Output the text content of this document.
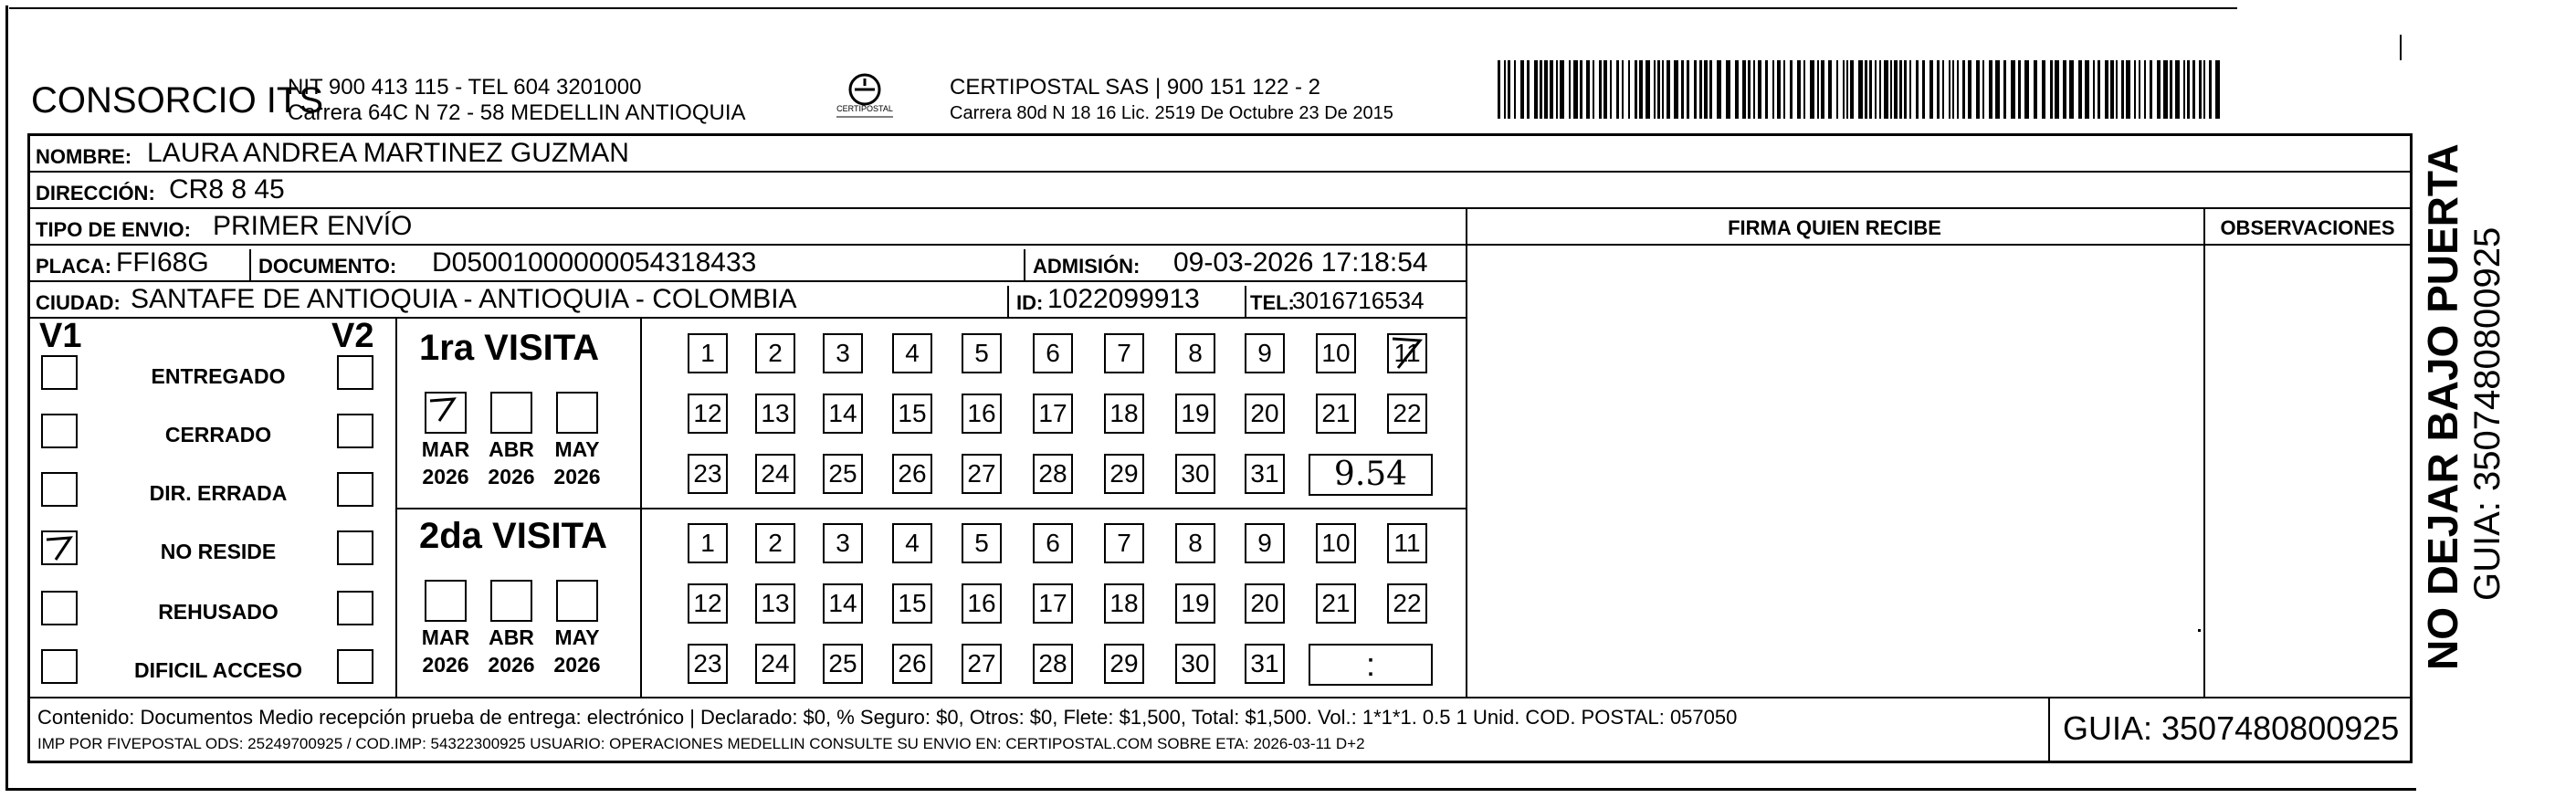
CONSORCIO ITS
NIT 900 413 115 - TEL 604 3201000
Carrera 64C N 72 - 58 MEDELLIN ANTIOQUIA	CERTIPOSTAL
CERTIPOSTAL SAS | 900 151 122 - 2
Carrera 80d N 18 16 Lic. 2519 De Octubre 23 De 2015
NOMBRE: LAURA ANDREA MARTINEZ GUZMAN
DIRECCIÓN: CR8 8 45
TIPO DE ENVIO: PRIMER ENVÍO
PLACA: FFI68G DOCUMENTO: D05001000000054318433	ADMISIÓN: 09-03-2026 17:18:54
CIUDAD: SANTAFE DE ANTIOQUIA - ANTIOQUIA - COLOMBIA	ID: 1022099913	TEL:
3016716534
FIRMA QUIEN RECIBE	OBSERVACIONES
V1	V2
ENTREGADO
CERRADO
DIR. ERRADA
NO RESIDE
REHUSADO
DIFICIL ACCESO
1ra VISITA
2da VISITA
MAR
2026
ABR
2026
MAY
2026
MAR
2026
ABR
2026
MAY
2026
1	2	3	4	5	6	7	8	9	10 11
12 13 14 15 16 17 18 19 20 21 22
23 24 25 26 27 28 29 30 31	9.54
1	2	3	4	5	6	7	8	9	10 11
12 13 14 15 16 17 18 19 20 21 22
23 24 25 26 27 28 29 30 31	:
Contenido: Documentos Medio recepción prueba de entrega: electrónico | Declarado: $0, % Seguro: $0, Otros: $0, Flete: $1,500, Total: $1,500. Vol.: 1*1*1. 0.5 1 Unid. COD. POSTAL: 057050
IMP POR FIVEPOSTAL ODS: 25249700925 / COD.IMP: 54322300925 USUARIO: OPERACIONES MEDELLIN CONSULTE SU ENVIO EN: CERTIPOSTAL.COM SOBRE ETA: 2026-03-11 D+2	GUIA: 3507480800925
NO DEJAR BAJO PUERTA GUIA: 3507480800925
